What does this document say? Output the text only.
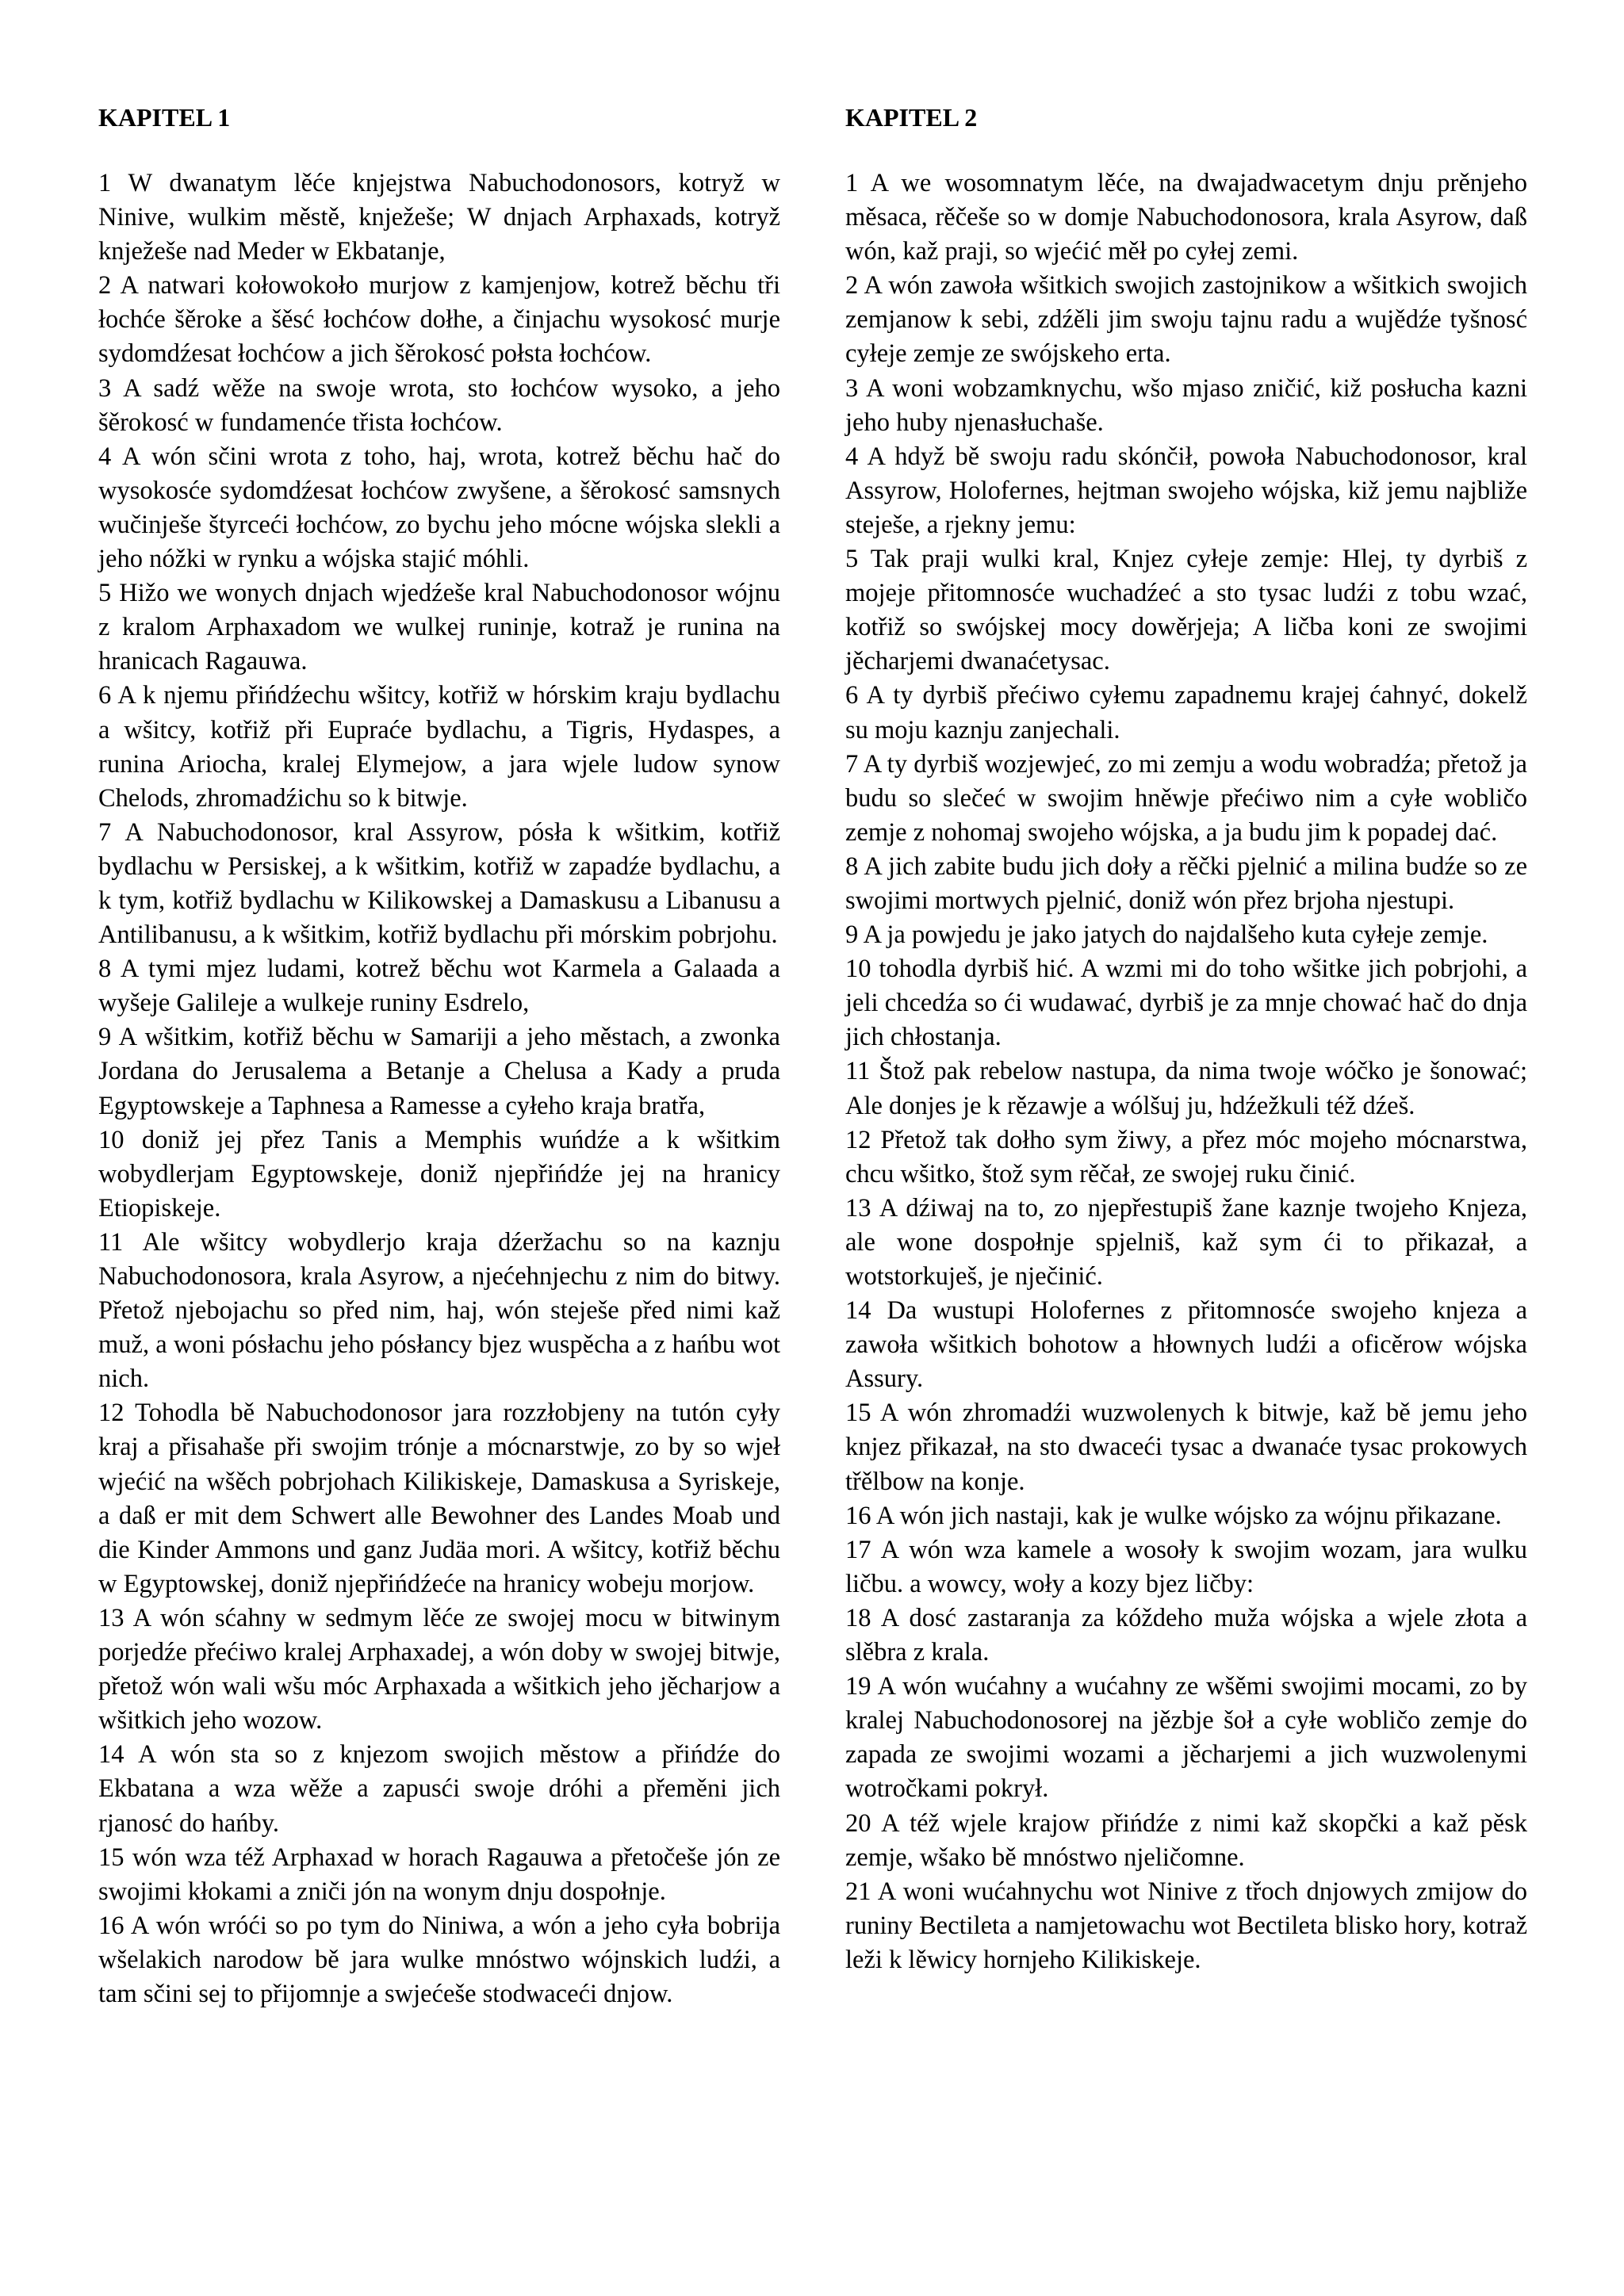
KAPITEL 1

1 W dwanatym lěće knjejstwa Nabuchodonosors, kotryž w Ninive, wulkim městě, knježeše; W dnjach Arphaxads, kotryž knježeše nad Meder w Ekbatanje,

2 A natwari kołowokoło murjow z kamjenjow, kotrež běchu tři łochće šěroke a šěsć łochćow dołhe, a činjachu wysokosć murje sydomdźesat łochćow a jich šěrokosć połsta łochćow.

3 A sadź wěže na swoje wrota, sto łochćow wysoko, a jeho šěrokosć w fundamenće třista łochćow.

4 A wón sčini wrota z toho, haj, wrota, kotrež běchu hač do wysokosće sydomdźesat łochćow zwyšene, a šěrokosć samsnych wučinješe štyrceći łochćow, zo bychu jeho mócne wójska slekli a jeho nóžki w rynku a wójska stajić móhli.

5 Hižo we wonych dnjach wjedźeše kral Nabuchodonosor wójnu z kralom Arphaxadom we wulkej runinje, kotraž je runina na hranicach Ragauwa.

6 A k njemu přińdźechu wšitcy, kotřiž w hórskim kraju bydlachu a wšitcy, kotřiž při Eupraće bydlachu, a Tigris, Hydaspes, a runina Ariocha, kralej Elymejow, a jara wjele ludow synow Chelods, zhromadźichu so k bitwje.

7 A Nabuchodonosor, kral Assyrow, pósła k wšitkim, kotřiž bydlachu w Persiskej, a k wšitkim, kotřiž w zapadźe bydlachu, a k tym, kotřiž bydlachu w Kilikowskej a Damaskusu a Libanusu a Antilibanusu, a k wšitkim, kotřiž bydlachu při mórskim pobrjohu.

8 A tymi mjez ludami, kotrež běchu wot Karmela a Galaada a wyšeje Galileje a wulkeje runiny Esdrelo,

9 A wšitkim, kotřiž běchu w Samariji a jeho městach, a zwonka Jordana do Jerusalema a Betanje a Chelusa a Kady a pruda Egyptowskeje a Taphnesa a Ramesse a cyłeho kraja bratřa,

10 doniž jej přez Tanis a Memphis wuńdźe a k wšitkim wobydlerjam Egyptowskeje, doniž njepřińdźe jej na hranicy Etiopiskeje.

11 Ale wšitcy wobydlerjo kraja dźeržachu so na kaznju Nabuchodonosora, krala Asyrow, a njećehnjechu z nim do bitwy. Přetož njebojachu so před nim, haj, wón steješe před nimi kaž muž, a woni pósłachu jeho pósłancy bjez wuspěcha a z hańbu wot nich.

12 Tohodla bě Nabuchodonosor jara rozzłobjeny na tutón cyły kraj a přisahaše při swojim trónje a mócnarstwje, zo by so wjeł wjećić na wšěch pobrjohach Kilikiskeje, Damaskusa a Syriskeje, a daß er mit dem Schwert alle Bewohner des Landes Moab und die Kinder Ammons und ganz Judäa mori. A wšitcy, kotřiž běchu w Egyptowskej, doniž njepřińdźeće na hranicy wobeju morjow.

13 A wón sćahny w sedmym lěće ze swojej mocu w bitwinym porjedźe přećiwo kralej Arphaxadej, a wón doby w swojej bitwje, přetož wón wali wšu móc Arphaxada a wšitkich jeho jěcharjow a wšitkich jeho wozow.

14 A wón sta so z knjezom swojich městow a přińdźe do Ekbatana a wza wěže a zapusći swoje dróhi a přeměni jich rjanosć do hańby.

15 wón wza též Arphaxad w horach Ragauwa a přetočeše jón ze swojimi kłokami a zniči jón na wonym dnju dospołnje.

16 A wón wróći so po tym do Niniwa, a wón a jeho cyła bobrija wšelakich narodow bě jara wulke mnóstwo wójnskich ludźi, a tam sčini sej to přijomnje a swjećeše stodwaceći dnjow.

KAPITEL 2

1 A we wosomnatym lěće, na dwajadwacetym dnju prěnjeho měsaca, rěčeše so w domje Nabuchodonosora, krala Asyrow, daß wón, kaž praji, so wjećić měł po cyłej zemi.

2 A wón zawoła wšitkich swojich zastojnikow a wšitkich swojich zemjanow k sebi, zdźěli jim swoju tajnu radu a wujědźe tyšnosć cyłeje zemje ze swójskeho erta.

3 A woni wobzamknychu, wšo mjaso zničić, kiž posłucha kazni jeho huby njenasłuchaše.

4 A hdyž bě swoju radu skónčił, powoła Nabuchodonosor, kral Assyrow, Holofernes, hejtman swojeho wójska, kiž jemu najbliže steješe, a rjekny jemu:

5 Tak praji wulki kral, Knjez cyłeje zemje: Hlej, ty dyrbiš z mojeje přitomnosće wuchadźeć a sto tysac ludźi z tobu wzać, kotřiž so swójskej mocy dowěrjeja; A ličba koni ze swojimi jěcharjemi dwanaćetysac.

6 A ty dyrbiš přećiwo cyłemu zapadnemu krajej ćahnyć, dokelž su moju kaznju zanjechali.

7 A ty dyrbiš wozjewjeć, zo mi zemju a wodu wobradźa; přetož ja budu so slečeć w swojim hněwje přećiwo nim a cyłe wobličo zemje z nohomaj swojeho wójska, a ja budu jim k popadej dać.

8 A jich zabite budu jich doły a rěčki pjelnić a milina budźe so ze swojimi mortwych pjelnić, doniž wón přez brjoha njestupi.

9 A ja powjedu je jako jatych do najdalšeho kuta cyłeje zemje.

10 tohodla dyrbiš hić. A wzmi mi do toho wšitke jich pobrjohi, a jeli chcedźa so ći wudawać, dyrbiš je za mnje chować hač do dnja jich chłostanja.

11 Štož pak rebelow nastupa, da nima twoje wóčko je šonować; Ale donjes je k rězawje a wólšuj ju, hdźežkuli též dźeš.

12 Přetož tak dołho sym žiwy, a přez móc mojeho mócnarstwa, chcu wšitko, štož sym rěčał, ze swojej ruku činić.

13 A dźiwaj na to, zo njepřestupiš žane kaznje twojeho Knjeza, ale wone dospołnje spjelniš, kaž sym ći to přikazał, a wotstorkuješ, je nječinić.

14 Da wustupi Holofernes z přitomnosće swojeho knjeza a zawoła wšitkich bohotow a hłownych ludźi a oficěrow wójska Assury.

15 A wón zhromadźi wuzwolenych k bitwje, kaž bě jemu jeho knjez přikazał, na sto dwaceći tysac a dwanaće tysac prokowych třělbow na konje.

16 A wón jich nastaji, kak je wulke wójsko za wójnu přikazane.

17 A wón wza kamele a wosoły k swojim wozam, jara wulku ličbu. a wowcy, woły a kozy bjez ličby:

18 A dosć zastaranja za kóždeho muža wójska a wjele złota a slěbra z krala.

19 A wón wućahny a wućahny ze wšěmi swojimi mocami, zo by kralej Nabuchodonosorej na jězbje šoł a cyłe wobličo zemje do zapada ze swojimi wozami a jěcharjemi a jich wuzwolenymi wotročkami pokrył.

20 A též wjele krajow přińdźe z nimi kaž skopčki a kaž pěsk zemje, wšako bě mnóstwo njeličomne.

21 A woni wućahnychu wot Ninive z třoch dnjowych zmijow do runiny Bectileta a namjetowachu wot Bectileta blisko hory, kotraž leži k lěwicy hornjeho Kilikiskeje.
